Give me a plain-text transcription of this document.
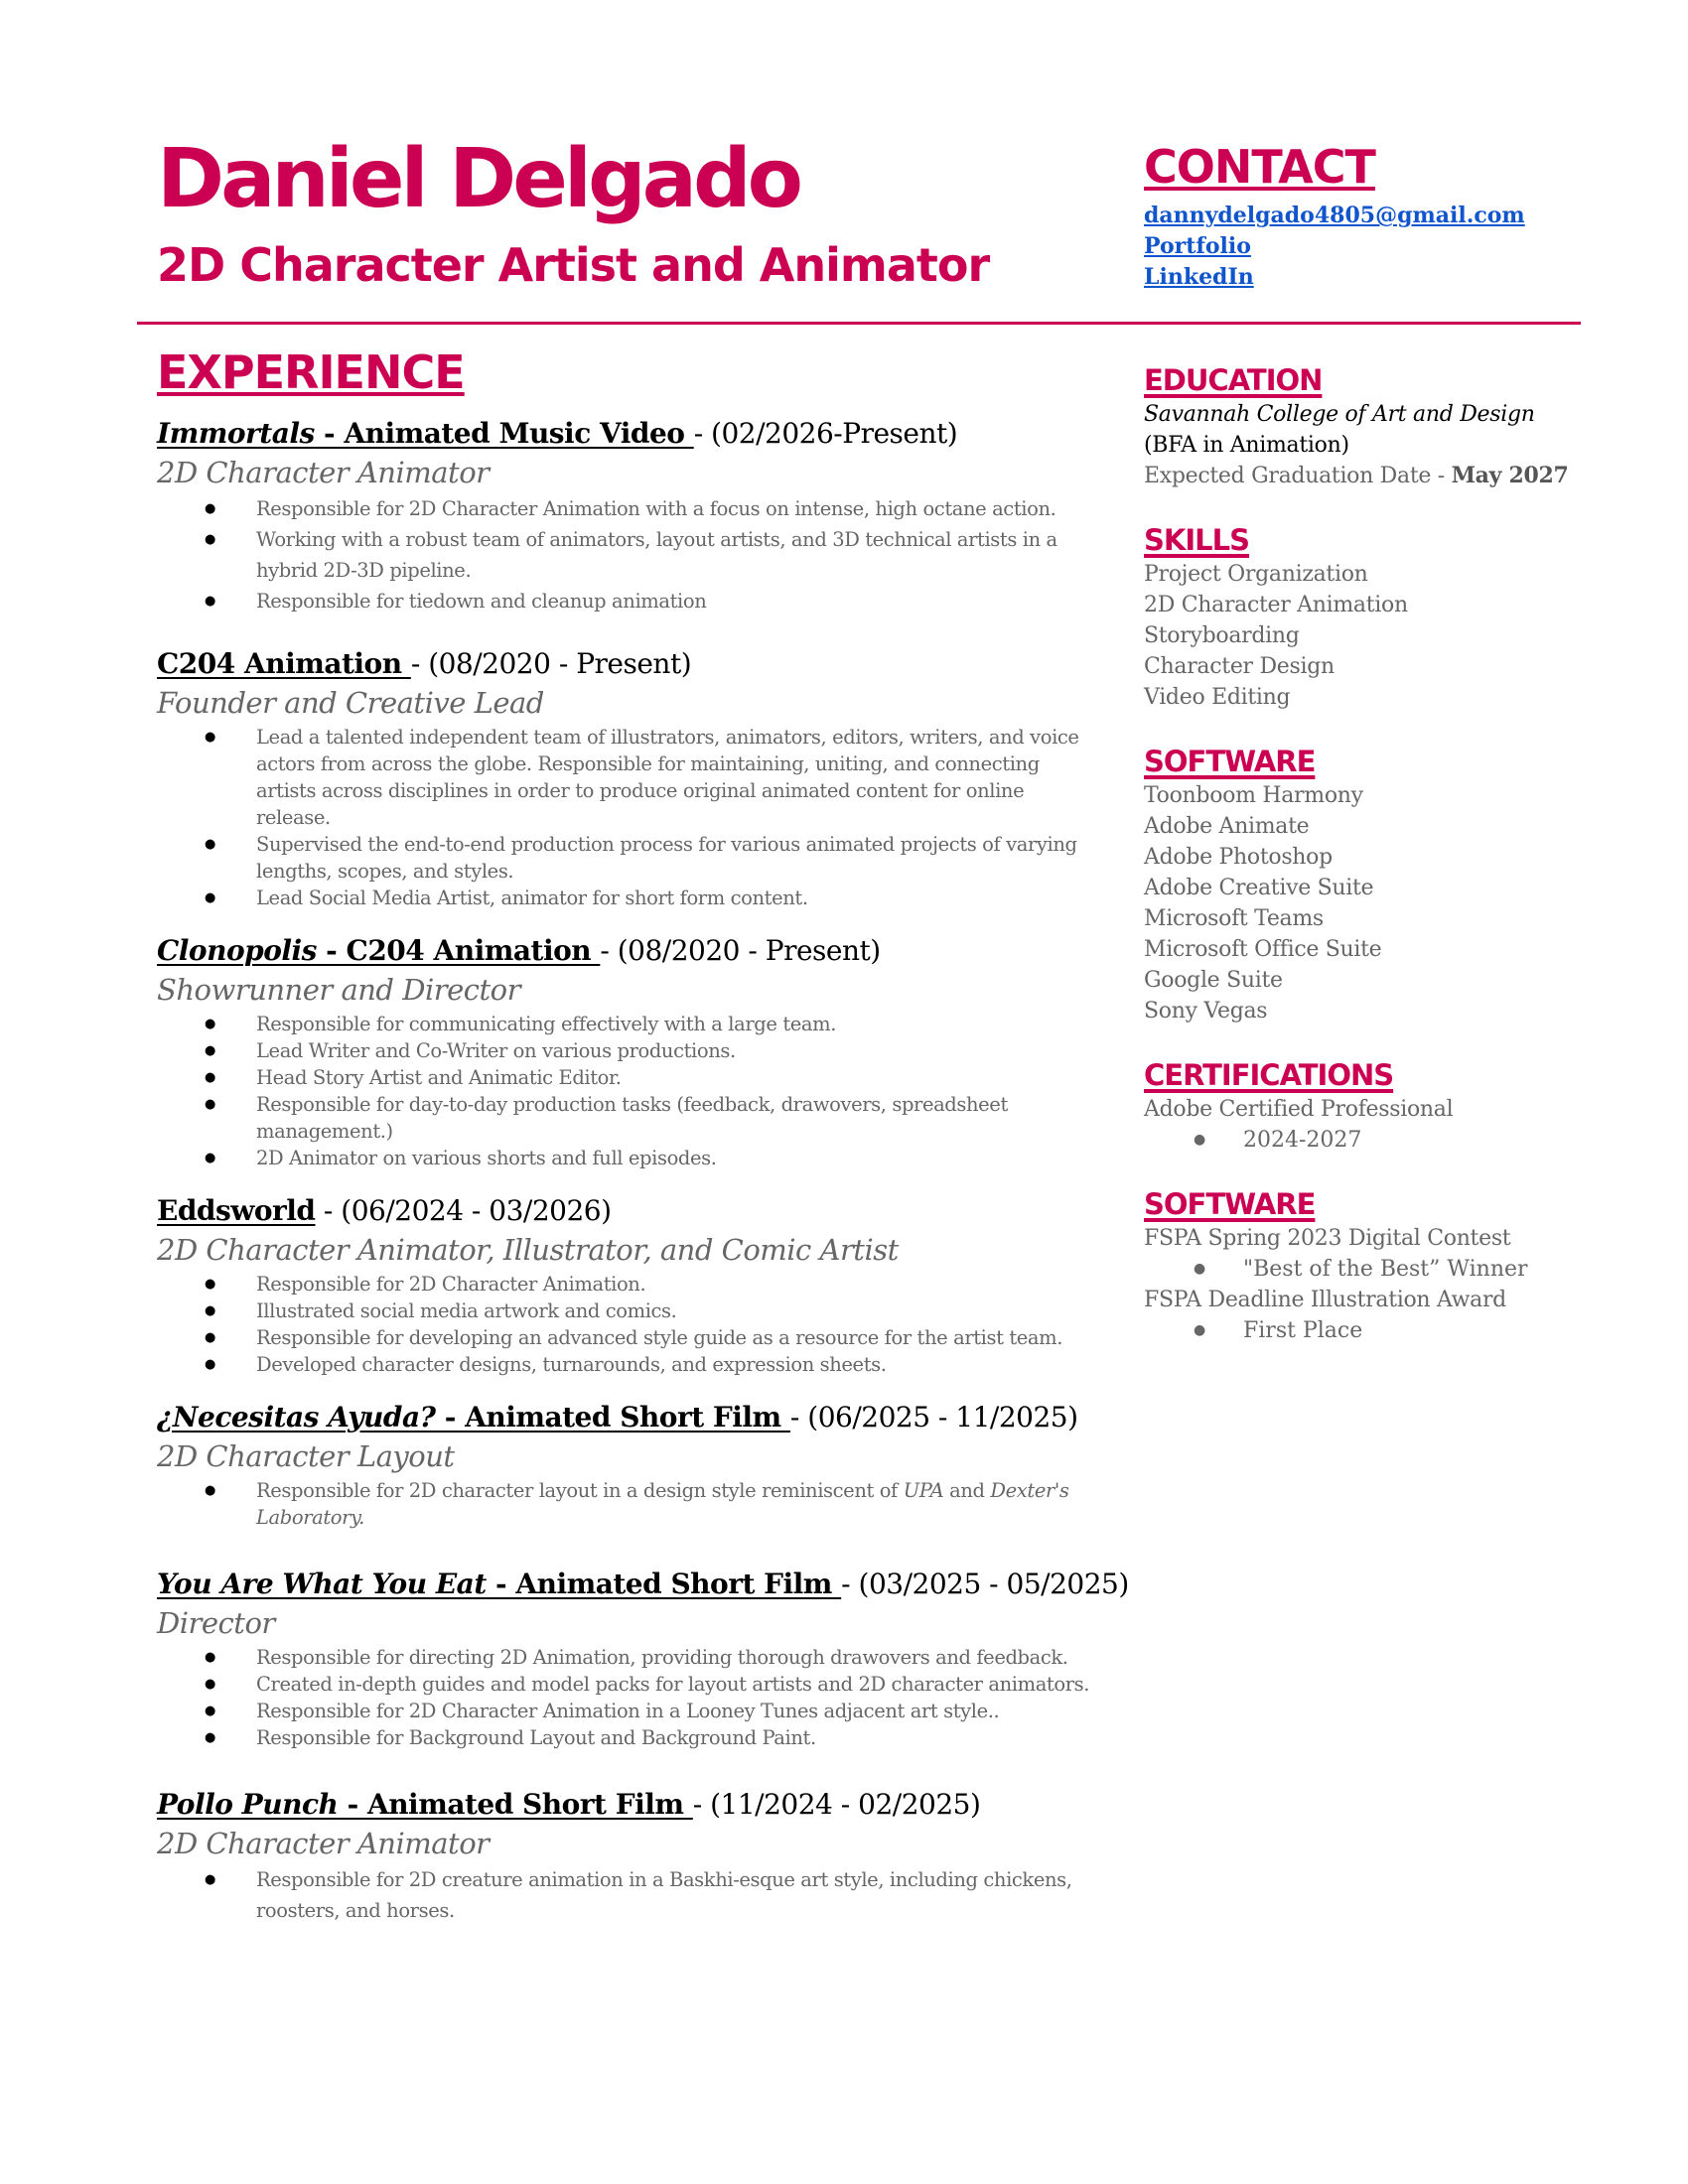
Daniel Delgado
2D Character Artist and Animator
CONTACT
dannydelgado4805@gmail.com
Portfolio
LinkedIn
EXPERIENCE
Immortals - Animated Music Video - (02/2026-Present)
2D Character Animator
● Responsible for 2D Character Animation with a focus on intense, high octane action.
● Working with a robust team of animators, layout artists, and 3D technical artists in a hybrid 2D-3D pipeline.
● Responsible for tiedown and cleanup animation
C204 Animation - (08/2020 - Present)
Founder and Creative Lead
● Lead a talented independent team of illustrators, animators, editors, writers, and voice actors from across the globe. Responsible for maintaining, uniting, and connecting artists across disciplines in order to produce original animated content for online release.
● Supervised the end-to-end production process for various animated projects of varying lengths, scopes, and styles.
● Lead Social Media Artist, animator for short form content.
Clonopolis - C204 Animation - (08/2020 - Present)
Showrunner and Director
● Responsible for communicating effectively with a large team.
● Lead Writer and Co-Writer on various productions.
● Head Story Artist and Animatic Editor.
● Responsible for day-to-day production tasks (feedback, drawovers, spreadsheet management.)
● 2D Animator on various shorts and full episodes.
Eddsworld - (06/2024 - 03/2026)
2D Character Animator, Illustrator, and Comic Artist
● Responsible for 2D Character Animation.
● Illustrated social media artwork and comics.
● Responsible for developing an advanced style guide as a resource for the artist team.
● Developed character designs, turnarounds, and expression sheets.
¿Necesitas Ayuda? - Animated Short Film - (06/2025 - 11/2025)
2D Character Layout
● Responsible for 2D character layout in a design style reminiscent of UPA and Dexter's Laboratory.
You Are What You Eat - Animated Short Film - (03/2025 - 05/2025)
Director
● Responsible for directing 2D Animation, providing thorough drawovers and feedback.
● Created in-depth guides and model packs for layout artists and 2D character animators.
● Responsible for 2D Character Animation in a Looney Tunes adjacent art style..
● Responsible for Background Layout and Background Paint.
Pollo Punch - Animated Short Film - (11/2024 - 02/2025)
2D Character Animator
● Responsible for 2D creature animation in a Baskhi-esque art style, including chickens, roosters, and horses.
EDUCATION
Savannah College of Art and Design
(BFA in Animation)
Expected Graduation Date - May 2027
SKILLS
Project Organization
2D Character Animation
Storyboarding
Character Design
Video Editing
SOFTWARE
Toonboom Harmony
Adobe Animate
Adobe Photoshop
Adobe Creative Suite
Microsoft Teams
Microsoft Office Suite
Google Suite
Sony Vegas
CERTIFICATIONS
Adobe Certified Professional
● 2024-2027
SOFTWARE
FSPA Spring 2023 Digital Contest
● "Best of the Best” Winner
FSPA Deadline Illustration Award
● First Place
